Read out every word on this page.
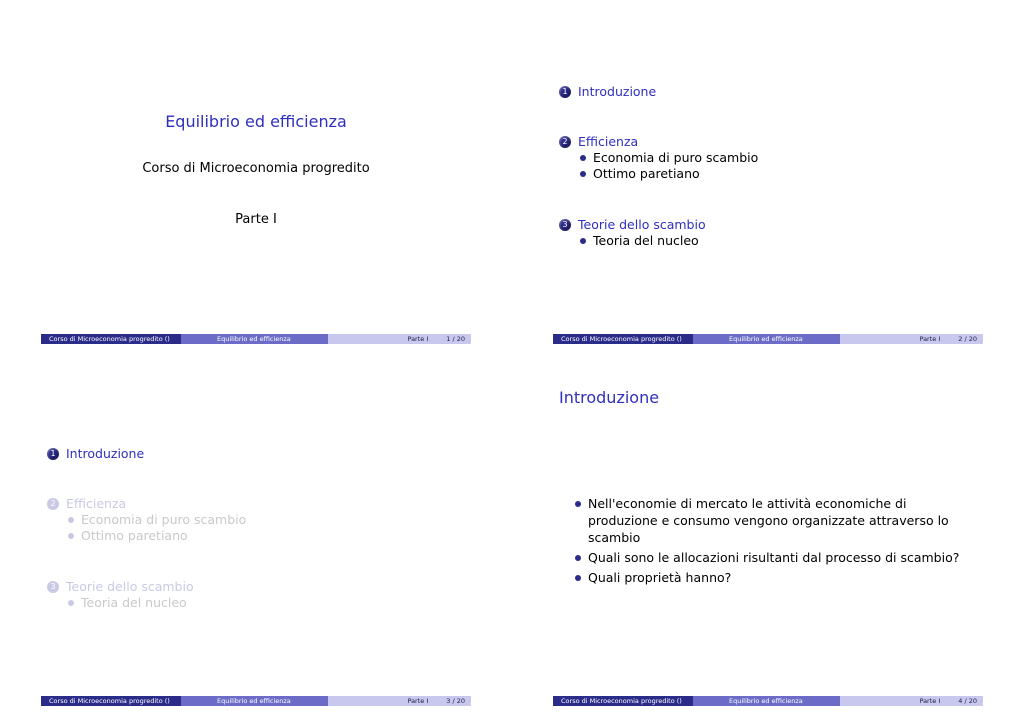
Equilibrio ed efficienza
Corso di Microeconomia progredito
Parte I
Corso di Microeconomia progredito ()	Equilibrio ed efficienza	Parte I	1 / 20
1 Introduzione
2 Efficienza
Economia di puro scambio
Ottimo paretiano
3 Teorie dello scambio
Teoria del nucleo
Corso di Microeconomia progredito ()	Equilibrio ed efficienza	Parte I	2 / 20
1 Introduzione
2 Efficienza
Economia di puro scambio
Ottimo paretiano
3 Teorie dello scambio
Teoria del nucleo
Corso di Microeconomia progredito ()	Equilibrio ed efficienza	Parte I	3 / 20
Introduzione
Nell'economie di mercato le attività economiche di produzione e consumo vengono organizzate attraverso lo scambio
Quali sono le allocazioni risultanti dal processo di scambio?
Quali proprietà hanno?
Corso di Microeconomia progredito ()	Equilibrio ed efficienza	Parte I	4 / 20
